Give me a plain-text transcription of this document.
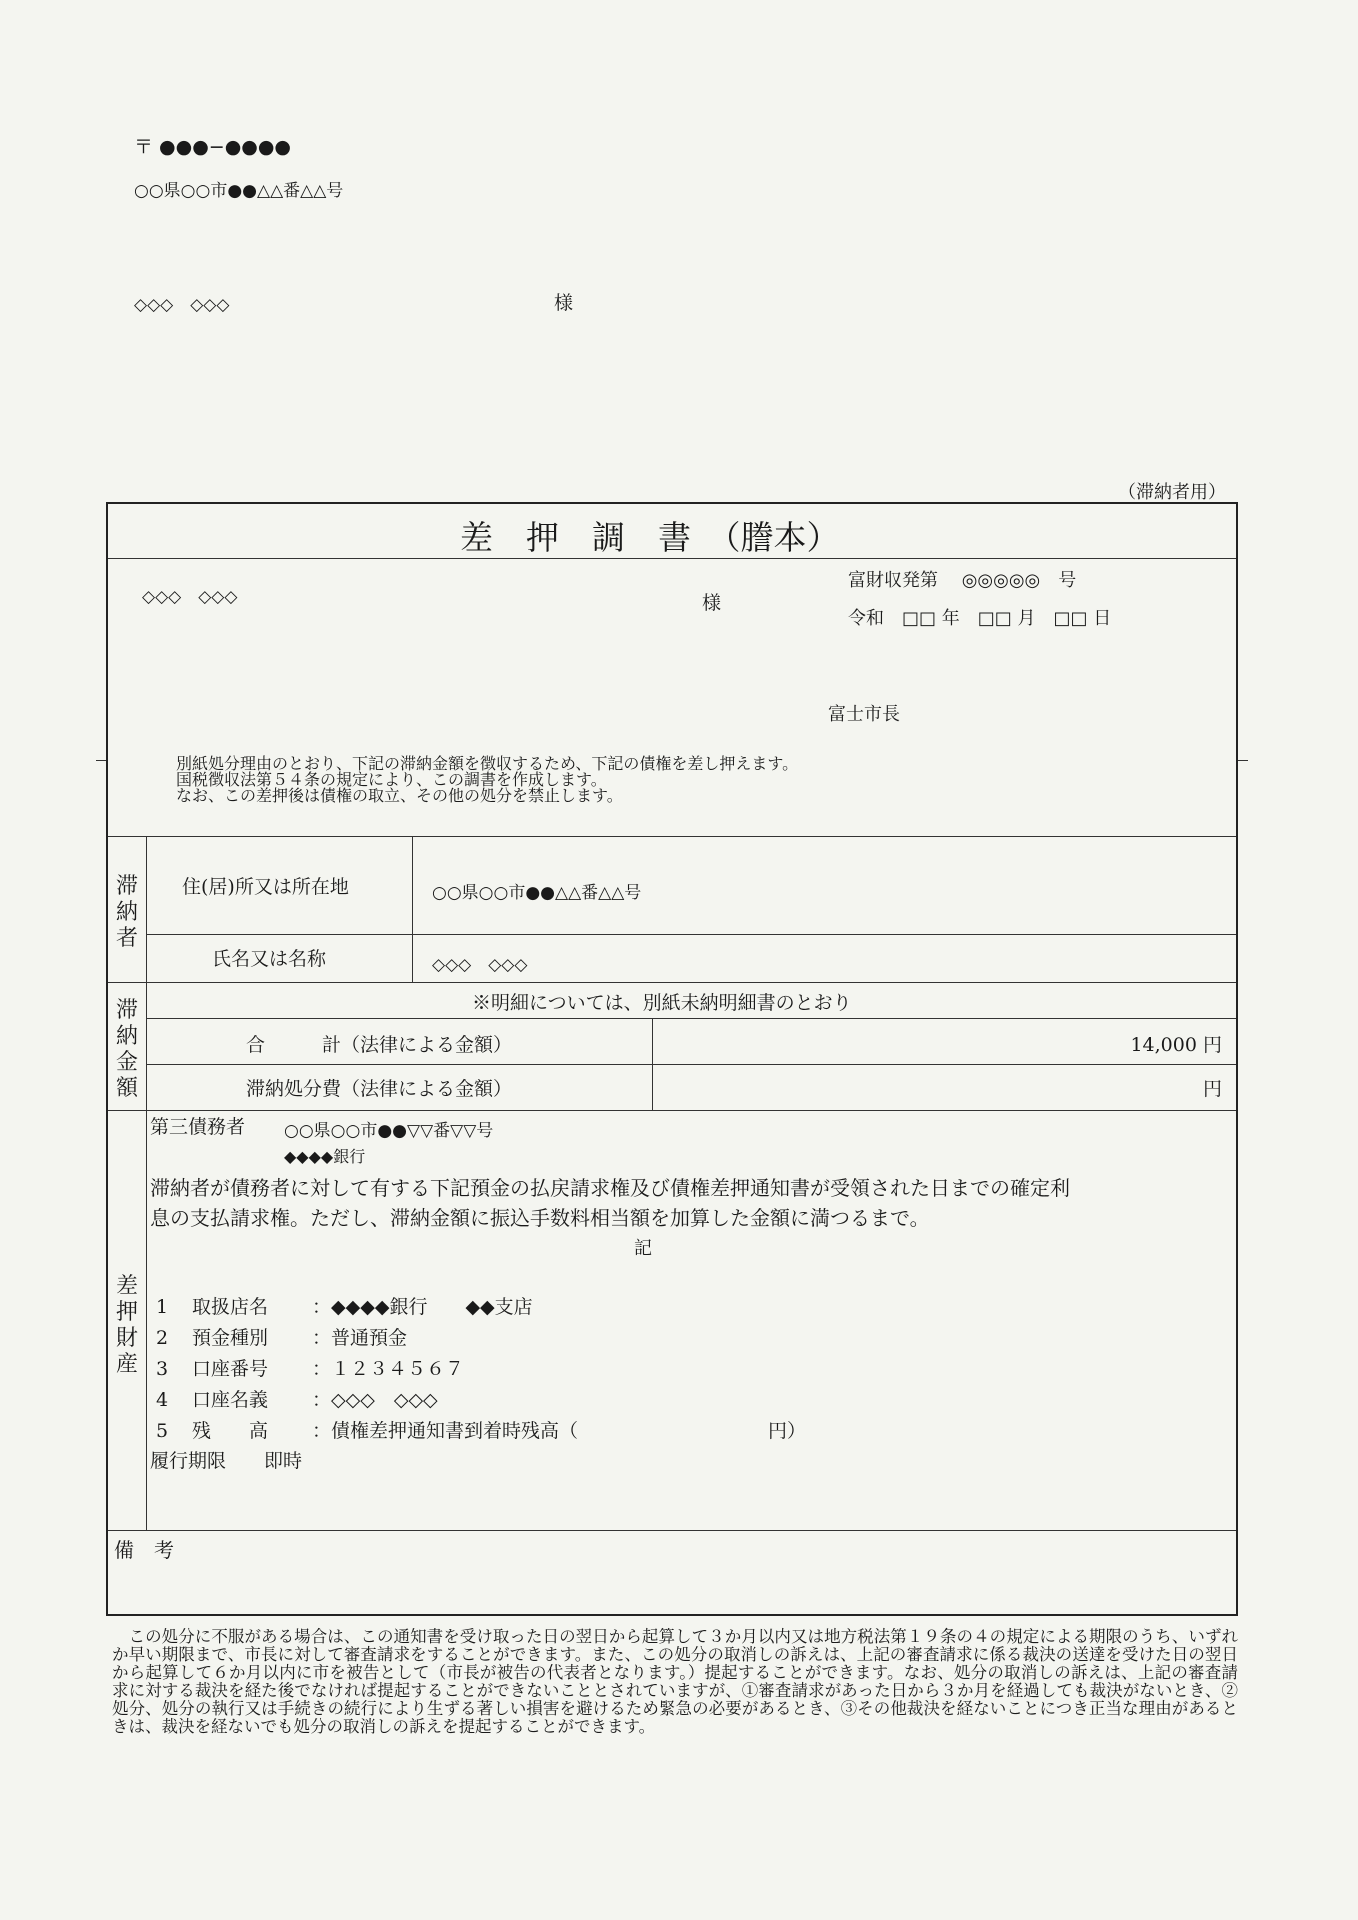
〒 ●●●−●●●●
○○県○○市●●△△番△△号
◇◇◇　◇◇◇	様
（滞納者用）
差　押　調　書　（謄本）
◇◇◇　◇◇◇	様
富財収発第　 ◎◎◎◎◎　号
令和　□□ 年　□□ 月　□□ 日
富士市長
別紙処分理由のとおり、下記の滞納金額を徴収するため、下記の債権を差し押えます。
国税徴収法第５４条の規定により、この調書を作成します。
なお、この差押後は債権の取立、その他の処分を禁止します。
滞納者
住(居)所又は所在地	○○県○○市●●△△番△△号
氏名又は名称	◇◇◇　◇◇◇
滞納金額
※明細については、別紙未納明細書のとおり
合　　　計（法律による金額）	14,000 円
滞納処分費（法律による金額）	円
差押財産
第三債務者 ○○県○○市●●▽▽番▽▽号
◆◆◆◆銀行
滞納者が債務者に対して有する下記預金の払戻請求権及び債権差押通知書が受領された日までの確定利
息の支払請求権。ただし、滞納金額に振込手数料相当額を加算した金額に満つるまで。
記
1 取扱店名 ：◆◆◆◆銀行　　◆◆支店
2 預金種別 ：普通預金
3 口座番号 ：１２３４５６７
4 口座名義 ：◇◇◇　◇◇◇
5 残　　高 ：債権差押通知書到着時残高（　　　　　　　　　　円）
履行期限　　即時
備　考
　この処分に不服がある場合は、この通知書を受け取った日の翌日から起算して３か月以内又は地方税法第１９条の４の規定による期限のうち、いずれか早い期限まで、市長に対して審査請求をすることができます。また、この処分の取消しの訴えは、上記の審査請求に係る裁決の送達を受けた日の翌日から起算して６か月以内に市を被告として（市長が被告の代表者となります。）提起することができます。なお、処分の取消しの訴えは、上記の審査請求に対する裁決を経た後でなければ提起することができないこととされていますが、①審査請求があった日から３か月を経過しても裁決がないとき、②処分、処分の執行又は手続きの続行により生ずる著しい損害を避けるため緊急の必要があるとき、③その他裁決を経ないことにつき正当な理由があるときは、裁決を経ないでも処分の取消しの訴えを提起することができます。
